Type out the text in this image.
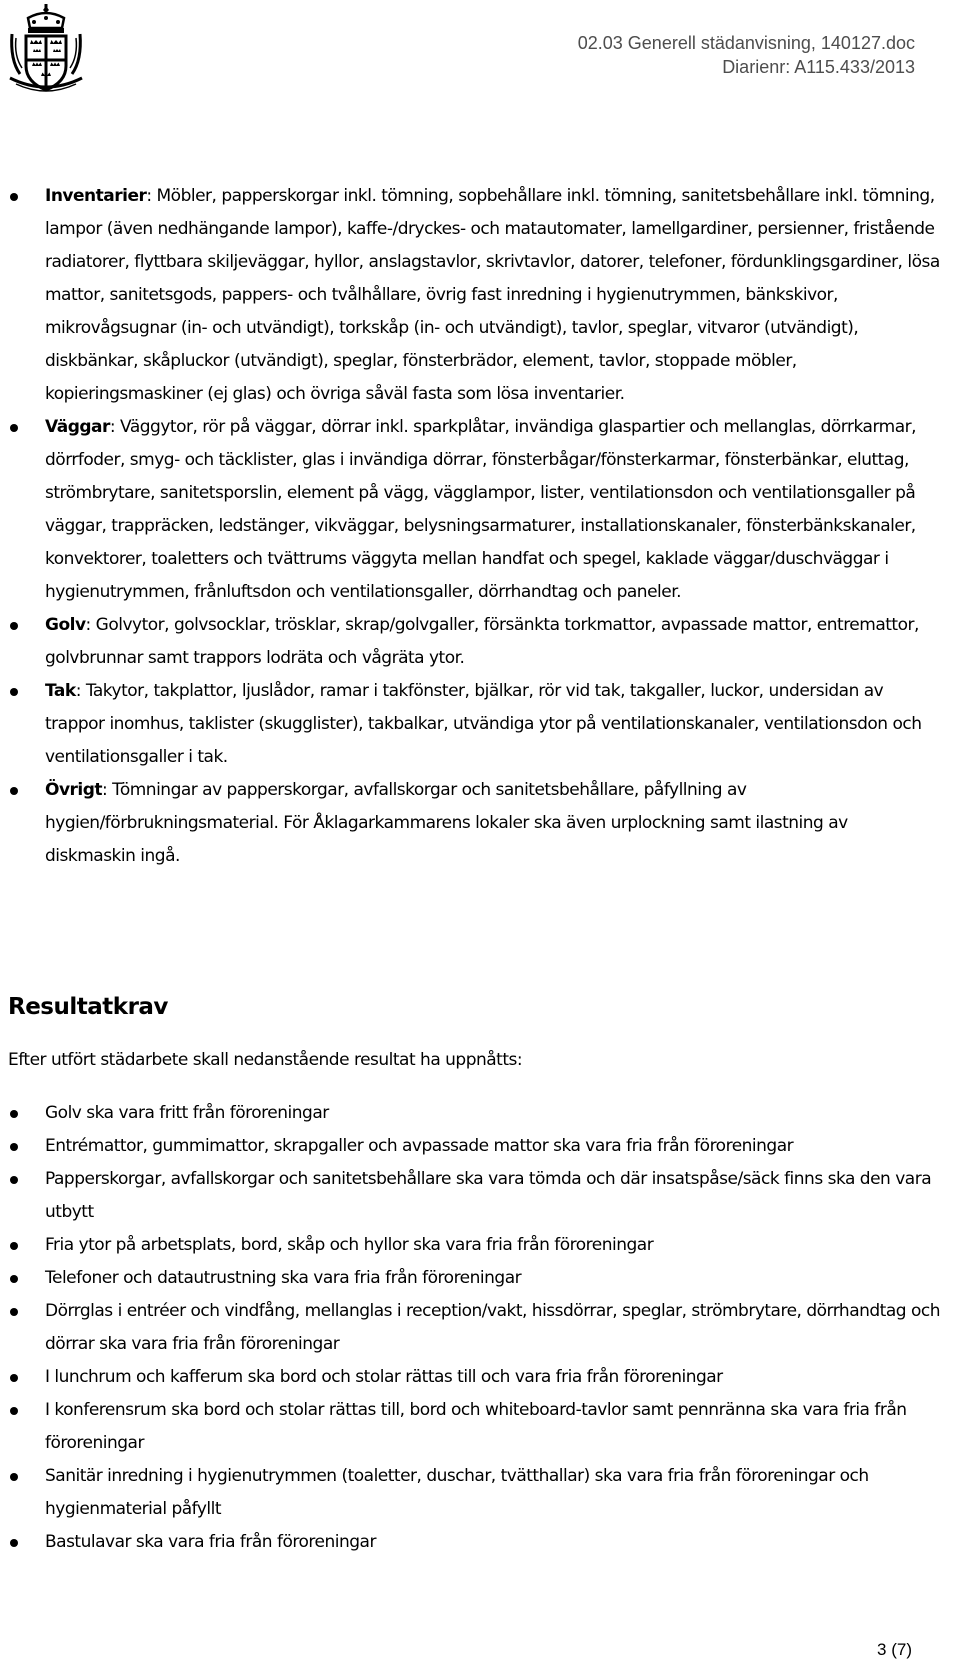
02.03 Generell städanvisning, 140127.doc
Diarienr: A115.433/2013
Inventarier: Möbler, papperskorgar inkl. tömning, sopbehållare inkl. tömning, sanitetsbehållare inkl. tömning, lampor (även nedhängande lampor), kaffe-/dryckes- och matautomater, lamellgardiner, persienner, fristående radiatorer, flyttbara skiljeväggar, hyllor, anslagstavlor, skrivtavlor, datorer, telefoner, fördunklingsgardiner, lösa mattor, sanitetsgods, pappers- och tvålhållare, övrig fast inredning i hygienutrymmen, bänkskivor, mikrovågsugnar (in- och utvändigt), torkskåp (in- och utvändigt), tavlor, speglar, vitvaror (utvändigt), diskbänkar, skåpluckor (utvändigt), speglar, fönsterbrädor, element, tavlor, stoppade möbler, kopieringsmaskiner (ej glas) och övriga såväl fasta som lösa inventarier.
Väggar: Väggytor, rör på väggar, dörrar inkl. sparkplåtar, invändiga glaspartier och mellanglas, dörrkarmar, dörrfoder, smyg- och täcklister, glas i invändiga dörrar, fönsterbågar/fönsterkarmar, fönsterbänkar, eluttag, strömbrytare, sanitetsporslin, element på vägg, vägglampor, lister, ventilationsdon och ventilationsgaller på väggar, trappräcken, ledstänger, vikväggar, belysningsarmaturer, installationskanaler, fönsterbänkskanaler, konvektorer, toaletters och tvättrums väggyta mellan handfat och spegel, kaklade väggar/duschväggar i hygienutrymmen, frånluftsdon och ventilationsgaller, dörrhandtag och paneler.
Golv: Golvytor, golvsocklar, trösklar, skrap/golvgaller, försänkta torkmattor, avpassade mattor, entremattor, golvbrunnar samt trappors lodräta och vågräta ytor.
Tak: Takytor, takplattor, ljuslådor, ramar i takfönster, bjälkar, rör vid tak, takgaller, luckor, undersidan av trappor inomhus, taklister (skugglister), takbalkar, utvändiga ytor på ventilationskanaler, ventilationsdon och ventilationsgaller i tak.
Övrigt: Tömningar av papperskorgar, avfallskorgar och sanitetsbehållare, påfyllning av hygien/förbrukningsmaterial. För Åklagarkammarens lokaler ska även urplockning samt ilastning av diskmaskin ingå.
Resultatkrav

Efter utfört städarbete skall nedanstående resultat ha uppnåtts:

Golv ska vara fritt från föroreningar
Entrémattor, gummimattor, skrapgaller och avpassade mattor ska vara fria från föroreningar
Papperskorgar, avfallskorgar och sanitetsbehållare ska vara tömda och där insatspåse/säck finns ska den vara utbytt
Fria ytor på arbetsplats, bord, skåp och hyllor ska vara fria från föroreningar
Telefoner och datautrustning ska vara fria från föroreningar
Dörrglas i entréer och vindfång, mellanglas i reception/vakt, hissdörrar, speglar, strömbrytare, dörrhandtag och dörrar ska vara fria från föroreningar
I lunchrum och kafferum ska bord och stolar rättas till och vara fria från föroreningar
I konferensrum ska bord och stolar rättas till, bord och whiteboard-tavlor samt pennränna ska vara fria från föroreningar
Sanitär inredning i hygienutrymmen (toaletter, duschar, tvätthallar) ska vara fria från föroreningar och hygienmaterial påfyllt
Bastulavar ska vara fria från föroreningar
3 (7)
